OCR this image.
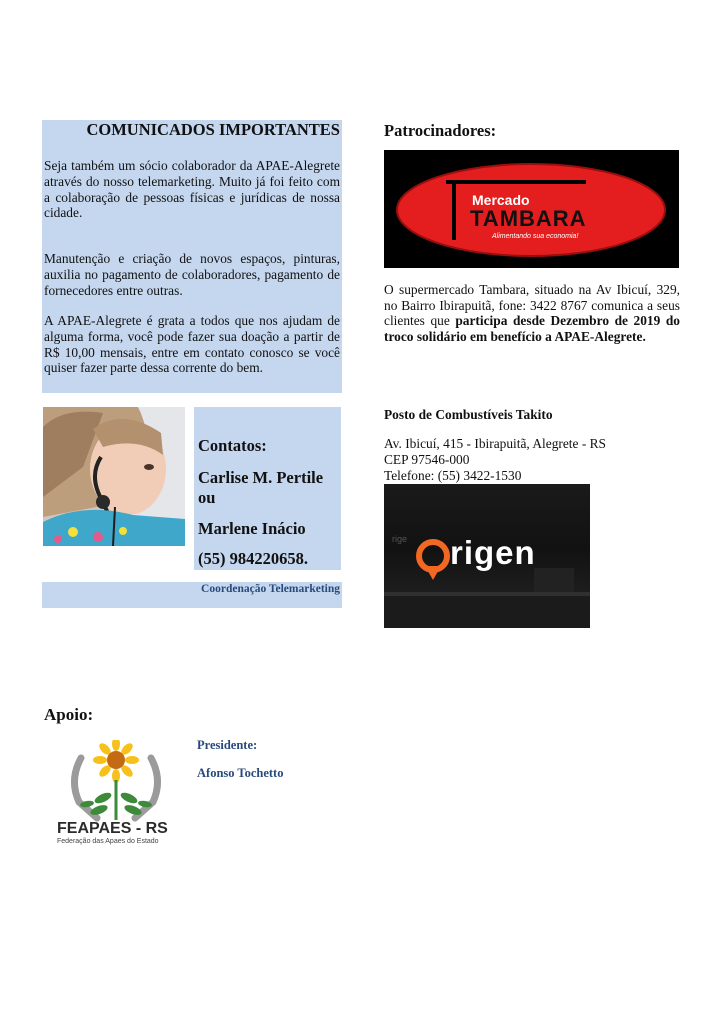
COMUNICADOS IMPORTANTES
Seja também um sócio colaborador da APAE-Alegrete através do nosso telemarketing. Muito já foi feito com a colaboração de pessoas físicas e jurídicas de nossa cidade.
Manutenção e criação de novos espaços, pinturas, auxilia no pagamento de colaboradores, pagamento de fornecedores entre outras.
A APAE-Alegrete é grata a todos que nos ajudam de alguma forma, você pode fazer sua doação a partir de R$ 10,00 mensais, entre em contato conosco se você quiser fazer parte dessa corrente do bem.
Contatos:
Carlise M. Pertile
ou
Marlene Inácio
(55) 984220658.
Coordenação Telemarketing
Patrocinadores:
Mercado
TAMBARA
Alimentando sua economia!
O supermercado Tambara, situado na Av Ibicuí, 329, no Bairro Ibirapuitã, fone: 3422 8767 comunica a seus clientes que participa desde Dezembro de 2019 do troco solidário em benefício a APAE-Alegrete.
Posto de Combustíveis Takito
Av. Ibicuí, 415 - Ibirapuitã, Alegrete - RS
CEP 97546-000
Telefone: (55) 3422-1530
rigen
rige
Apoio:
FEAPAES - RS
Federação das Apaes do Estado
Presidente:
Afonso Tochetto
